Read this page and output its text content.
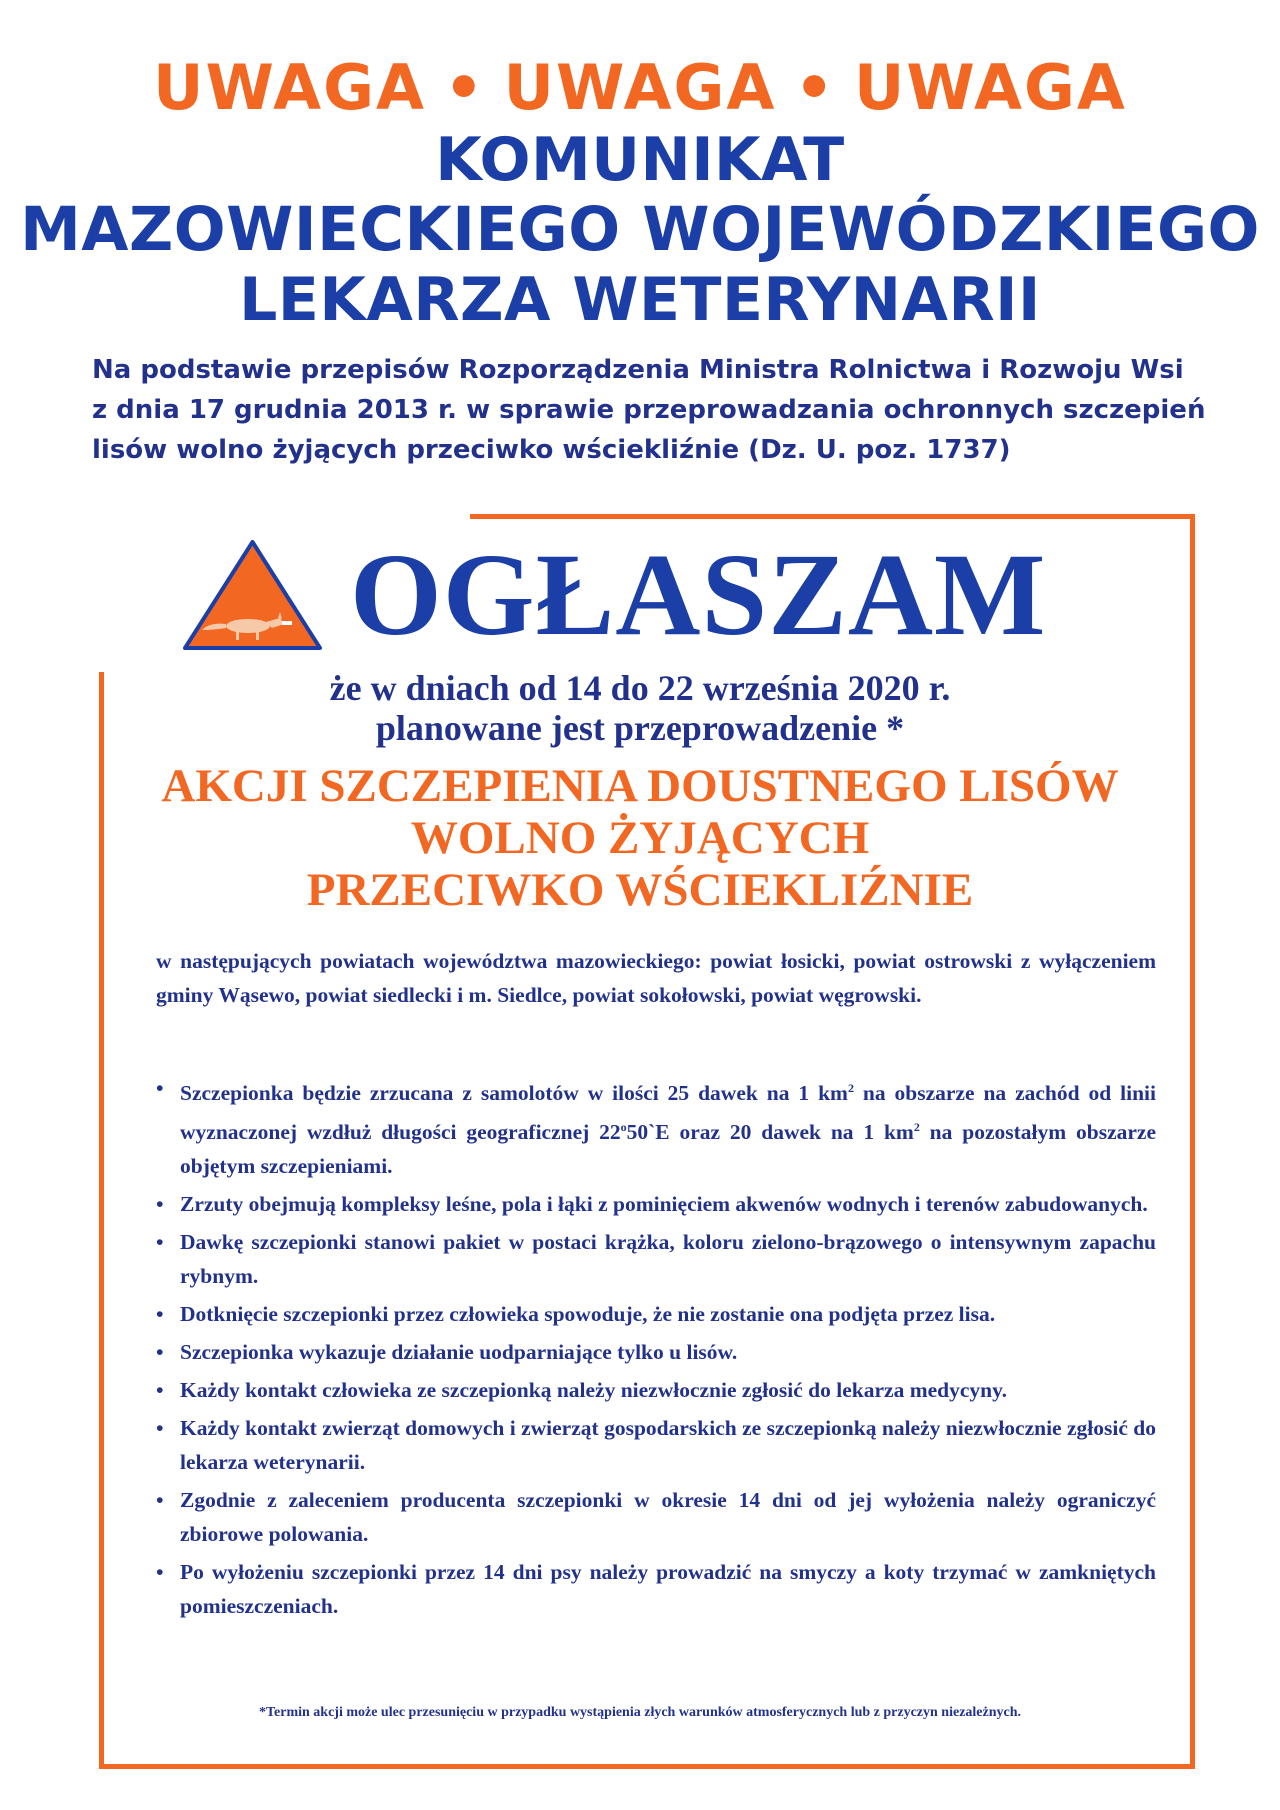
UWAGA • UWAGA • UWAGA
KOMUNIKAT
MAZOWIECKIEGO WOJEWÓDZKIEGO
LEKARZA WETERYNARII
Na podstawie przepisów Rozporządzenia Ministra Rolnictwa i Rozwoju Wsi
z dnia 17 grudnia 2013 r. w sprawie przeprowadzania ochronnych szczepień
lisów wolno żyjących przeciwko wściekliźnie (Dz. U. poz. 1737)
OGŁASZAM
że w dniach od 14 do 22 września 2020 r.
planowane jest przeprowadzenie *
AKCJI SZCZEPIENIA DOUSTNEGO LISÓW
WOLNO ŻYJĄCYCH
PRZECIWKO WŚCIEKLIŹNIE
w następujących powiatach województwa mazowieckiego: powiat łosicki, powiat ostrowski z wyłączeniem gminy Wąsewo, powiat siedlecki i m. Siedlce, powiat sokołowski, powiat węgrowski.
• Szczepionka będzie zrzucana z samolotów w ilości 25 dawek na 1 $km^2$ na obszarze na zachód od linii wyznaczonej wzdłuż długości geograficznej 22$^o$50`E oraz 20 dawek na 1 $km^2$ na pozostałym obszarze objętym szczepieniami.
• Zrzuty obejmują kompleksy leśne, pola i łąki z pominięciem akwenów wodnych i terenów zabudowanych.
• Dawkę szczepionki stanowi pakiet w postaci krążka, koloru zielono-brązowego o intensywnym zapachu rybnym.
• Dotknięcie szczepionki przez człowieka spowoduje, że nie zostanie ona podjęta przez lisa.
• Szczepionka wykazuje działanie uodparniające tylko u lisów.
• Każdy kontakt człowieka ze szczepionką należy niezwłocznie zgłosić do lekarza medycyny.
• Każdy kontakt zwierząt domowych i zwierząt gospodarskich ze szczepionką należy niezwłocznie zgłosić do lekarza weterynarii.
• Zgodnie z zaleceniem producenta szczepionki w okresie 14 dni od jej wyłożenia należy ograniczyć zbiorowe polowania.
• Po wyłożeniu szczepionki przez 14 dni psy należy prowadzić na smyczy a koty trzymać w zamkniętych pomieszczeniach.
*Termin akcji może ulec przesunięciu w przypadku wystąpienia złych warunków atmosferycznych lub z przyczyn niezależnych.
